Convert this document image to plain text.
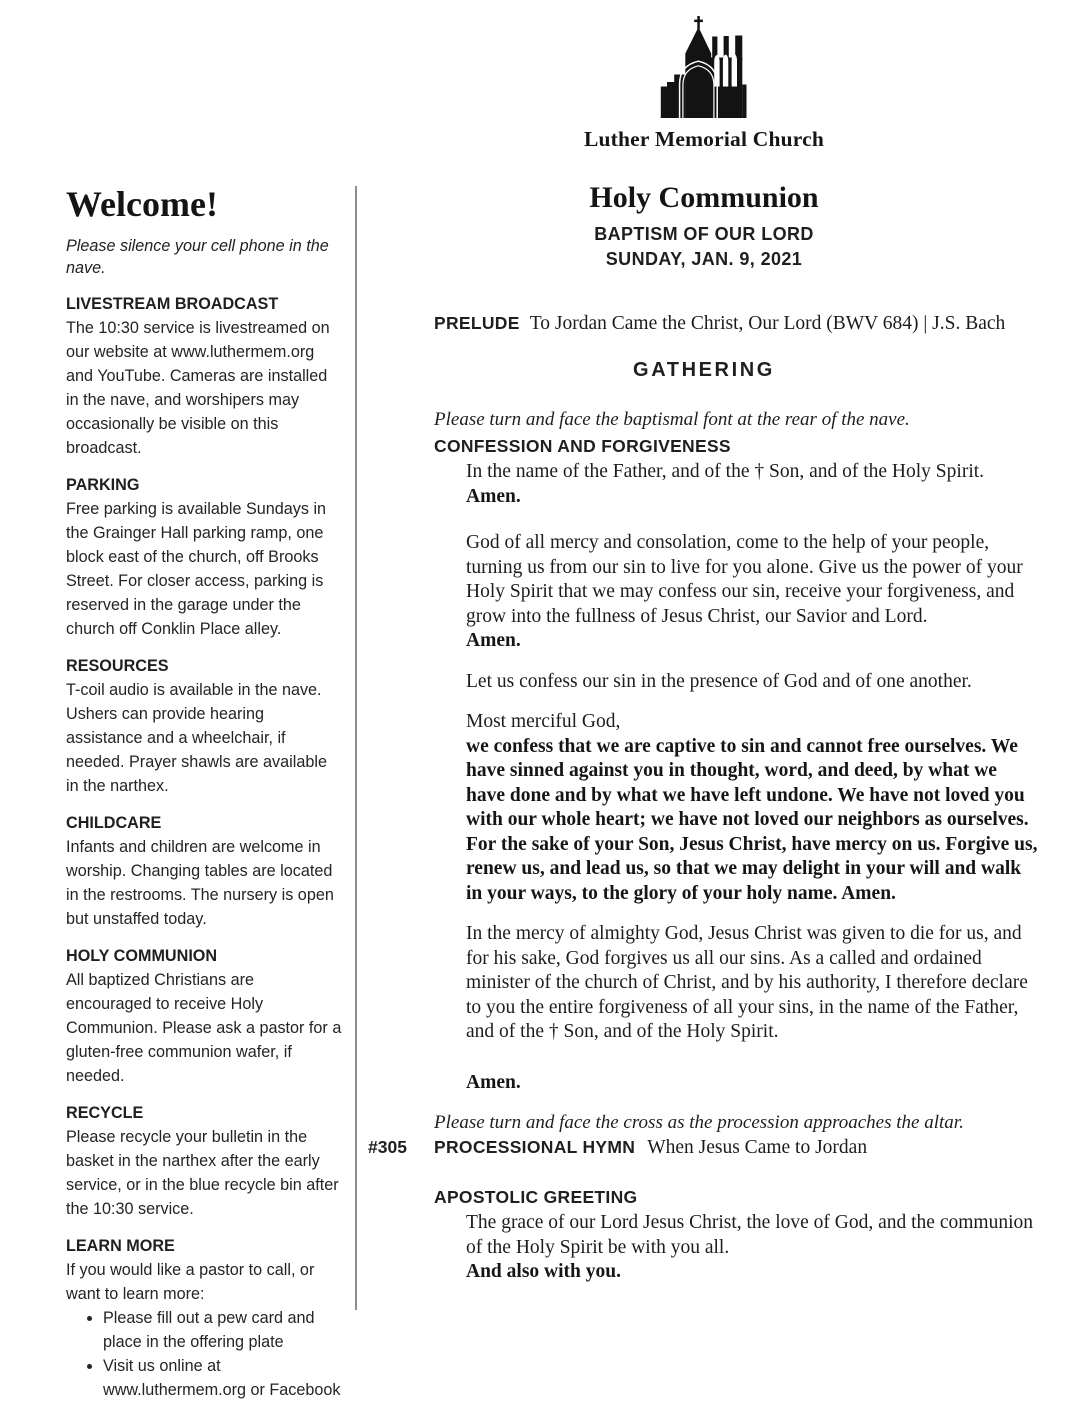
Luther Memorial Church
Welcome!

Please silence your cell phone in the nave.

LIVESTREAM BROADCAST

The 10:30 service is livestreamed on our website at www.luthermem.org and YouTube. Cameras are installed in the nave, and worshipers may occasionally be visible on this broadcast.

PARKING

Free parking is available Sundays in the Grainger Hall parking ramp, one block east of the church, off Brooks Street. For closer access, parking is reserved in the garage under the church off Conklin Place alley.

RESOURCES

T-coil audio is available in the nave. Ushers can provide hearing assistance and a wheelchair, if needed. Prayer shawls are available in the narthex.

CHILDCARE

Infants and children are welcome in worship. Changing tables are located in the restrooms. The nursery is open but unstaffed today.

HOLY COMMUNION

All baptized Christians are encouraged to receive Holy Communion. Please ask a pastor for a gluten-free communion wafer, if needed.

RECYCLE

Please recycle your bulletin in the basket in the narthex after the early service, or in the blue recycle bin after the 10:30 service.

LEARN MORE

If you would like a pastor to call, or want to learn more:

• Please fill out a pew card and place in the offering plate
• Visit us online at www.luthermem.org or Facebook
Holy Communion
BAPTISM OF OUR LORD
SUNDAY, JAN. 9, 2021
PRELUDE To Jordan Came the Christ, Our Lord (BWV 684) | J.S. Bach
GATHERING

Please turn and face the baptismal font at the rear of the nave.

CONFESSION AND FORGIVENESS

In the name of the Father, and of the † Son, and of the Holy Spirit.

Amen.

God of all mercy and consolation, come to the help of your people, turning us from our sin to live for you alone. Give us the power of your Holy Spirit that we may confess our sin, receive your forgiveness, and grow into the fullness of Jesus Christ, our Savior and Lord.

Amen.

Let us confess our sin in the presence of God and of one another.

Most merciful God,
we confess that we are captive to sin and cannot free ourselves. We have sinned against you in thought, word, and deed, by what we have done and by what we have left undone. We have not loved you with our whole heart; we have not loved our neighbors as ourselves. For the sake of your Son, Jesus Christ, have mercy on us. Forgive us, renew us, and lead us, so that we may delight in your will and walk in your ways, to the glory of your holy name. Amen.

In the mercy of almighty God, Jesus Christ was given to die for us, and for his sake, God forgives us all our sins. As a called and ordained minister of the church of Christ, and by his authority, I therefore declare to you the entire forgiveness of all your sins, in the name of the Father, and of the † Son, and of the Holy Spirit.

Amen.

Please turn and face the cross as the procession approaches the altar.

#305	PROCESSIONAL HYMN When Jesus Came to Jordan
APOSTOLIC GREETING

The grace of our Lord Jesus Christ, the love of God, and the communion of the Holy Spirit be with you all.

And also with you.
